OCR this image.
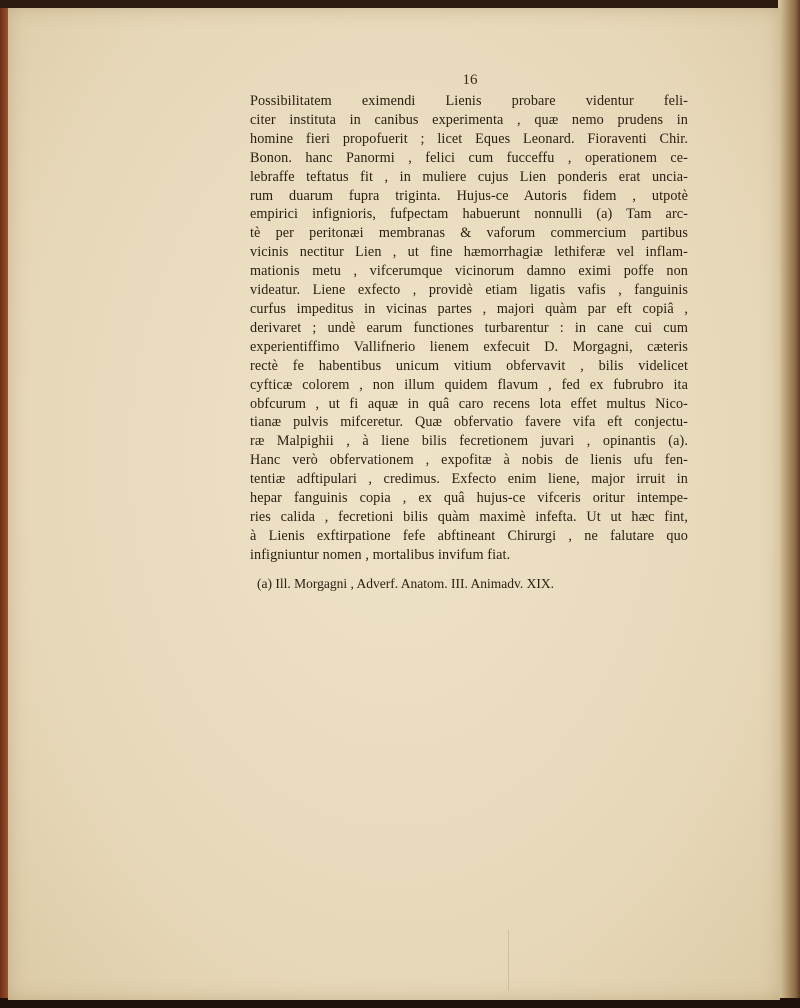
16
Possibilitatem eximendi Lienis probare videntur feli-
citer instituta in canibus experimenta , quæ nemo prudens in
homine fieri propofuerit ; licet Eques Leonard. Fioraventi Chir.
Bonon. hanc Panormi , felici cum fucceffu , operationem ce-
lebraffe teftatus fit , in muliere cujus Lien ponderis erat uncia-
rum duarum fupra triginta. Hujus-ce Autoris fidem , utpotè
empirici infignioris, fufpectam habuerunt nonnulli (a) Tam arc-
tè per peritonæi membranas & vaforum commercium partibus
vicinis nectitur Lien , ut fine hæmorrhagiæ lethiferæ vel inflam-
mationis metu , vifcerumque vicinorum damno eximi poffe non
videatur. Liene exfecto , providè etiam ligatis vafis , fanguinis
curfus impeditus in vicinas partes , majori quàm par eft copiâ ,
derivaret ; undè earum functiones turbarentur : in cane cui cum
experientiffimo Vallifnerio lienem exfecuit D. Morgagni, cæteris
rectè fe habentibus unicum vitium obfervavit , bilis videlicet
cyfticæ colorem , non illum quidem flavum , fed ex fubrubro ita
obfcurum , ut fi aquæ in quâ caro recens lota effet multus Nico-
tianæ pulvis mifceretur. Quæ obfervatio favere vifa eft conjectu-
ræ Malpighii , à liene bilis fecretionem juvari , opinantis (a).
Hanc verò obfervationem , expofitæ à nobis de lienis ufu fen-
tentiæ adftipulari , credimus. Exfecto enim liene, major irruit in
hepar fanguinis copia , ex quâ hujus-ce vifceris oritur intempe-
ries calida , fecretioni bilis quàm maximè infefta. Ut ut hæc fint,
à Lienis exftirpatione fefe abftineant Chirurgi , ne falutare quo
infigniuntur nomen , mortalibus invifum fiat.
(a) Ill. Morgagni , Adverf. Anatom. III. Animadv. XIX.
